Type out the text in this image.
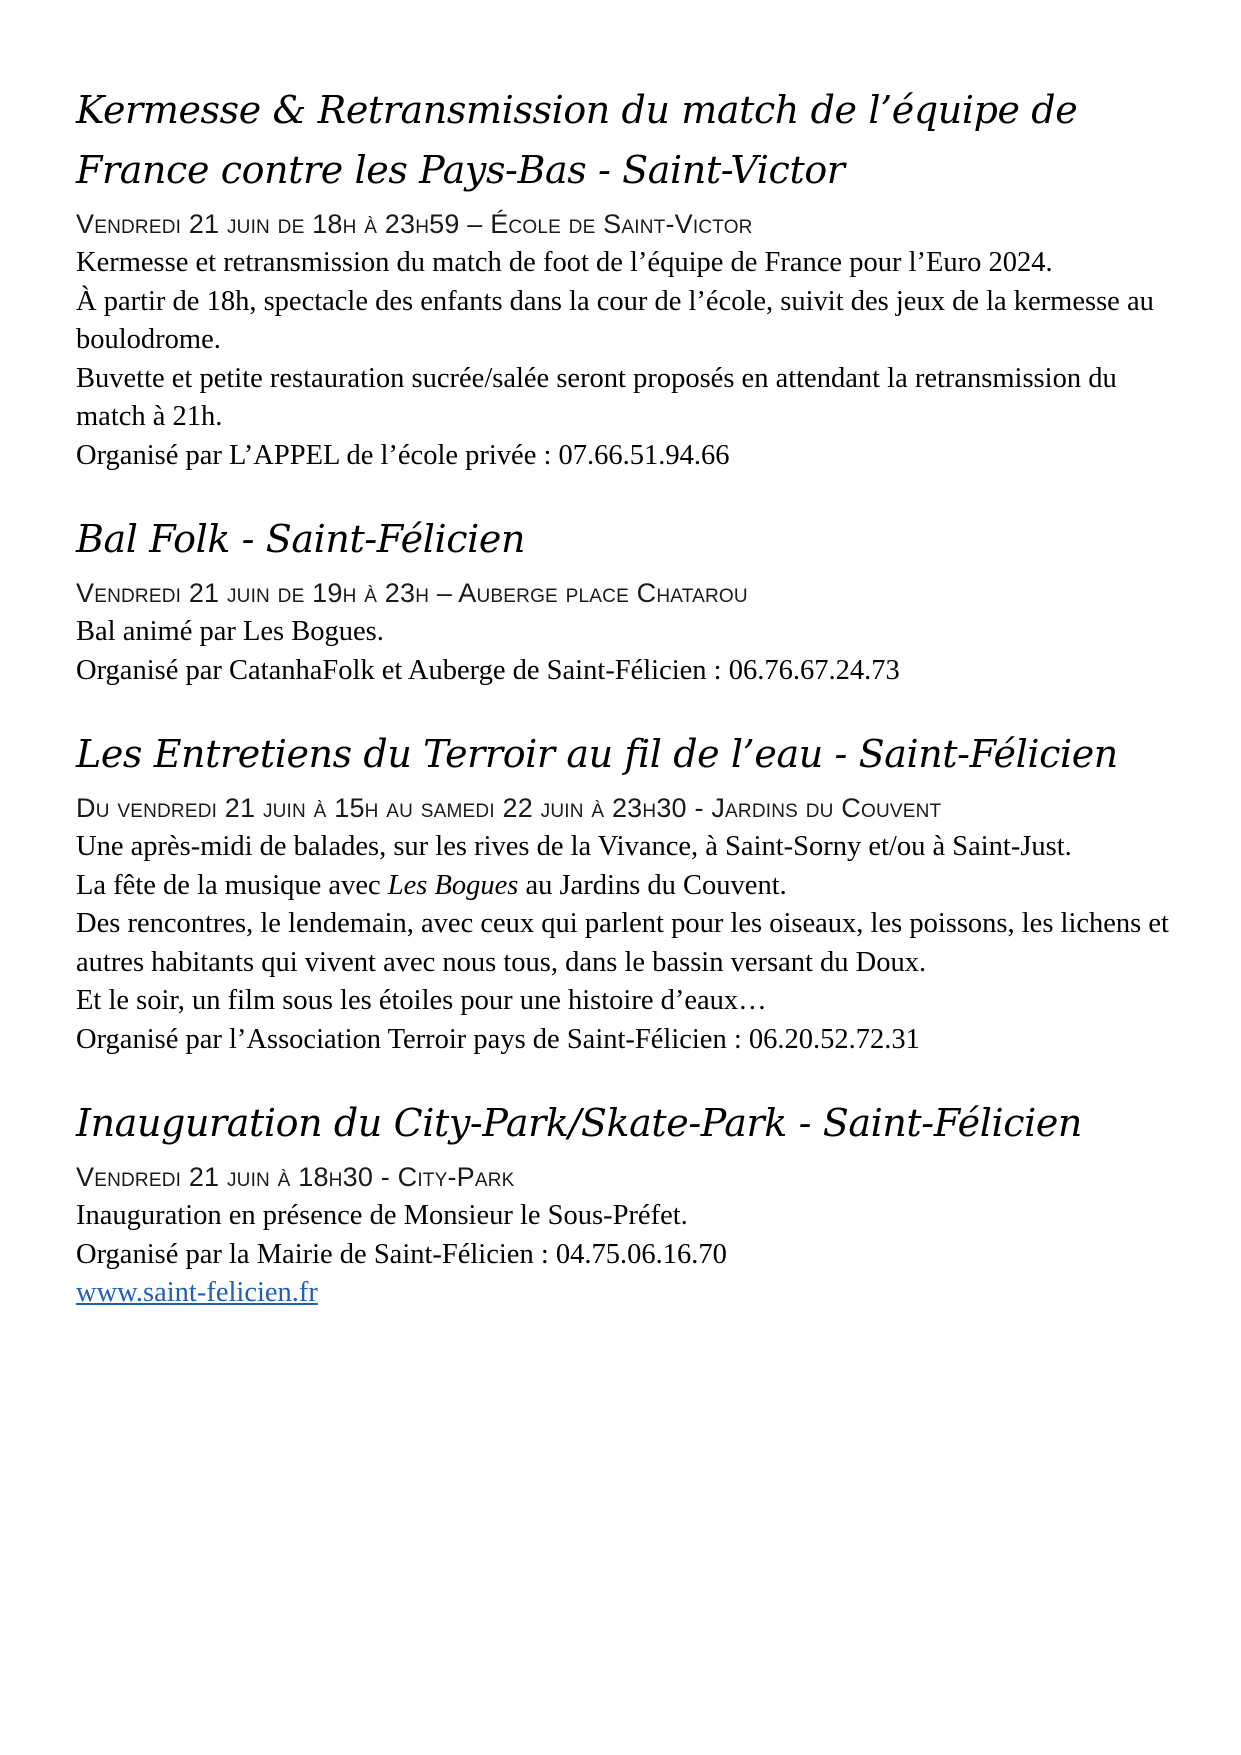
Kermesse & Retransmission du match de l’équipe de France contre les Pays-Bas - Saint-Victor
Vendredi 21 juin de 18h à 23h59 – École de Saint-Victor

Kermesse et retransmission du match de foot de l’équipe de France pour l’Euro 2024.

À partir de 18h, spectacle des enfants dans la cour de l’école, suivit des jeux de la kermesse au boulodrome.

Buvette et petite restauration sucrée/salée seront proposés en attendant la retransmission du match à 21h.

Organisé par L’APPEL de l’école privée : 07.66.51.94.66

Bal Folk - Saint-Félicien
Vendredi 21 juin de 19h à 23h – Auberge place Chatarou

Bal animé par Les Bogues.

Organisé par CatanhaFolk et Auberge de Saint-Félicien : 06.76.67.24.73

Les Entretiens du Terroir au fil de l’eau - Saint-Félicien
Du vendredi 21 juin à 15h au samedi 22 juin à 23h30 - Jardins du Couvent

Une après-midi de balades, sur les rives de la Vivance, à Saint-Sorny et/ou à Saint-Just.

La fête de la musique avec Les Bogues au Jardins du Couvent.

Des rencontres, le lendemain, avec ceux qui parlent pour les oiseaux, les poissons, les lichens et autres habitants qui vivent avec nous tous, dans le bassin versant du Doux.

Et le soir, un film sous les étoiles pour une histoire d’eaux…

Organisé par l’Association Terroir pays de Saint-Félicien : 06.20.52.72.31

Inauguration du City-Park/Skate-Park - Saint-Félicien
Vendredi 21 juin à 18h30 - City-Park

Inauguration en présence de Monsieur le Sous-Préfet.

Organisé par la Mairie de Saint-Félicien : 04.75.06.16.70

www.saint-felicien.fr
